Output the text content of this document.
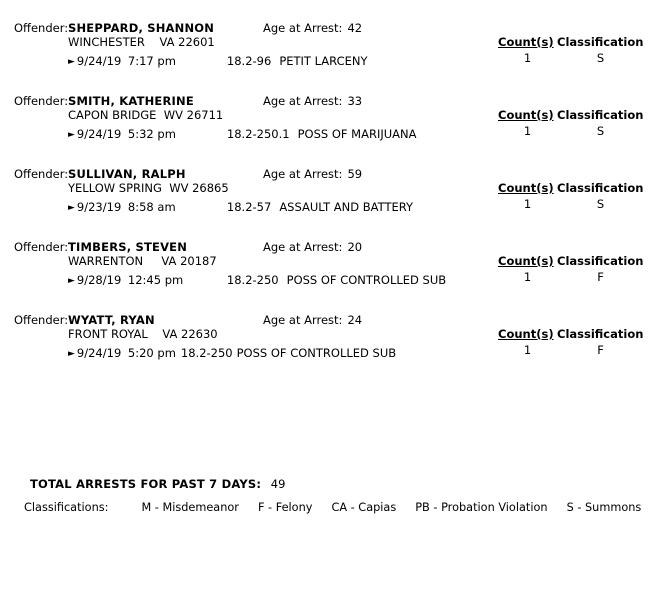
Offender: SHEPPARD, SHANNON	Age at Arrest: 42
WINCHESTER    VA 22601
► 9/24/19 7:17 pm	18.2-96 PETIT LARCENY
Count(s) Classification
1	S
Offender: SMITH, KATHERINE	Age at Arrest: 33
CAPON BRIDGE  WV 26711
► 9/24/19 5:32 pm	18.2-250.1 POSS OF MARIJUANA
Count(s) Classification
1	S
Offender: SULLIVAN, RALPH	Age at Arrest: 59
YELLOW SPRING  WV 26865
► 9/23/19 8:58 am	18.2-57 ASSAULT AND BATTERY
Count(s) Classification
1	S
Offender: TIMBERS, STEVEN	Age at Arrest: 20
WARRENTON     VA 20187
► 9/28/19 12:45 pm	18.2-250 POSS OF CONTROLLED SUB
Count(s) Classification
1	F
Offender: WYATT, RYAN	Age at Arrest: 24
FRONT ROYAL    VA 22630
► 9/24/19 5:20 pm 18.2-250 POSS OF CONTROLLED SUB
Count(s) Classification
1	F
TOTAL ARRESTS FOR PAST 7 DAYS: 49
Classifications:	M - Misdemeanor F - Felony CA - Capias PB - Probation Violation S - Summons
